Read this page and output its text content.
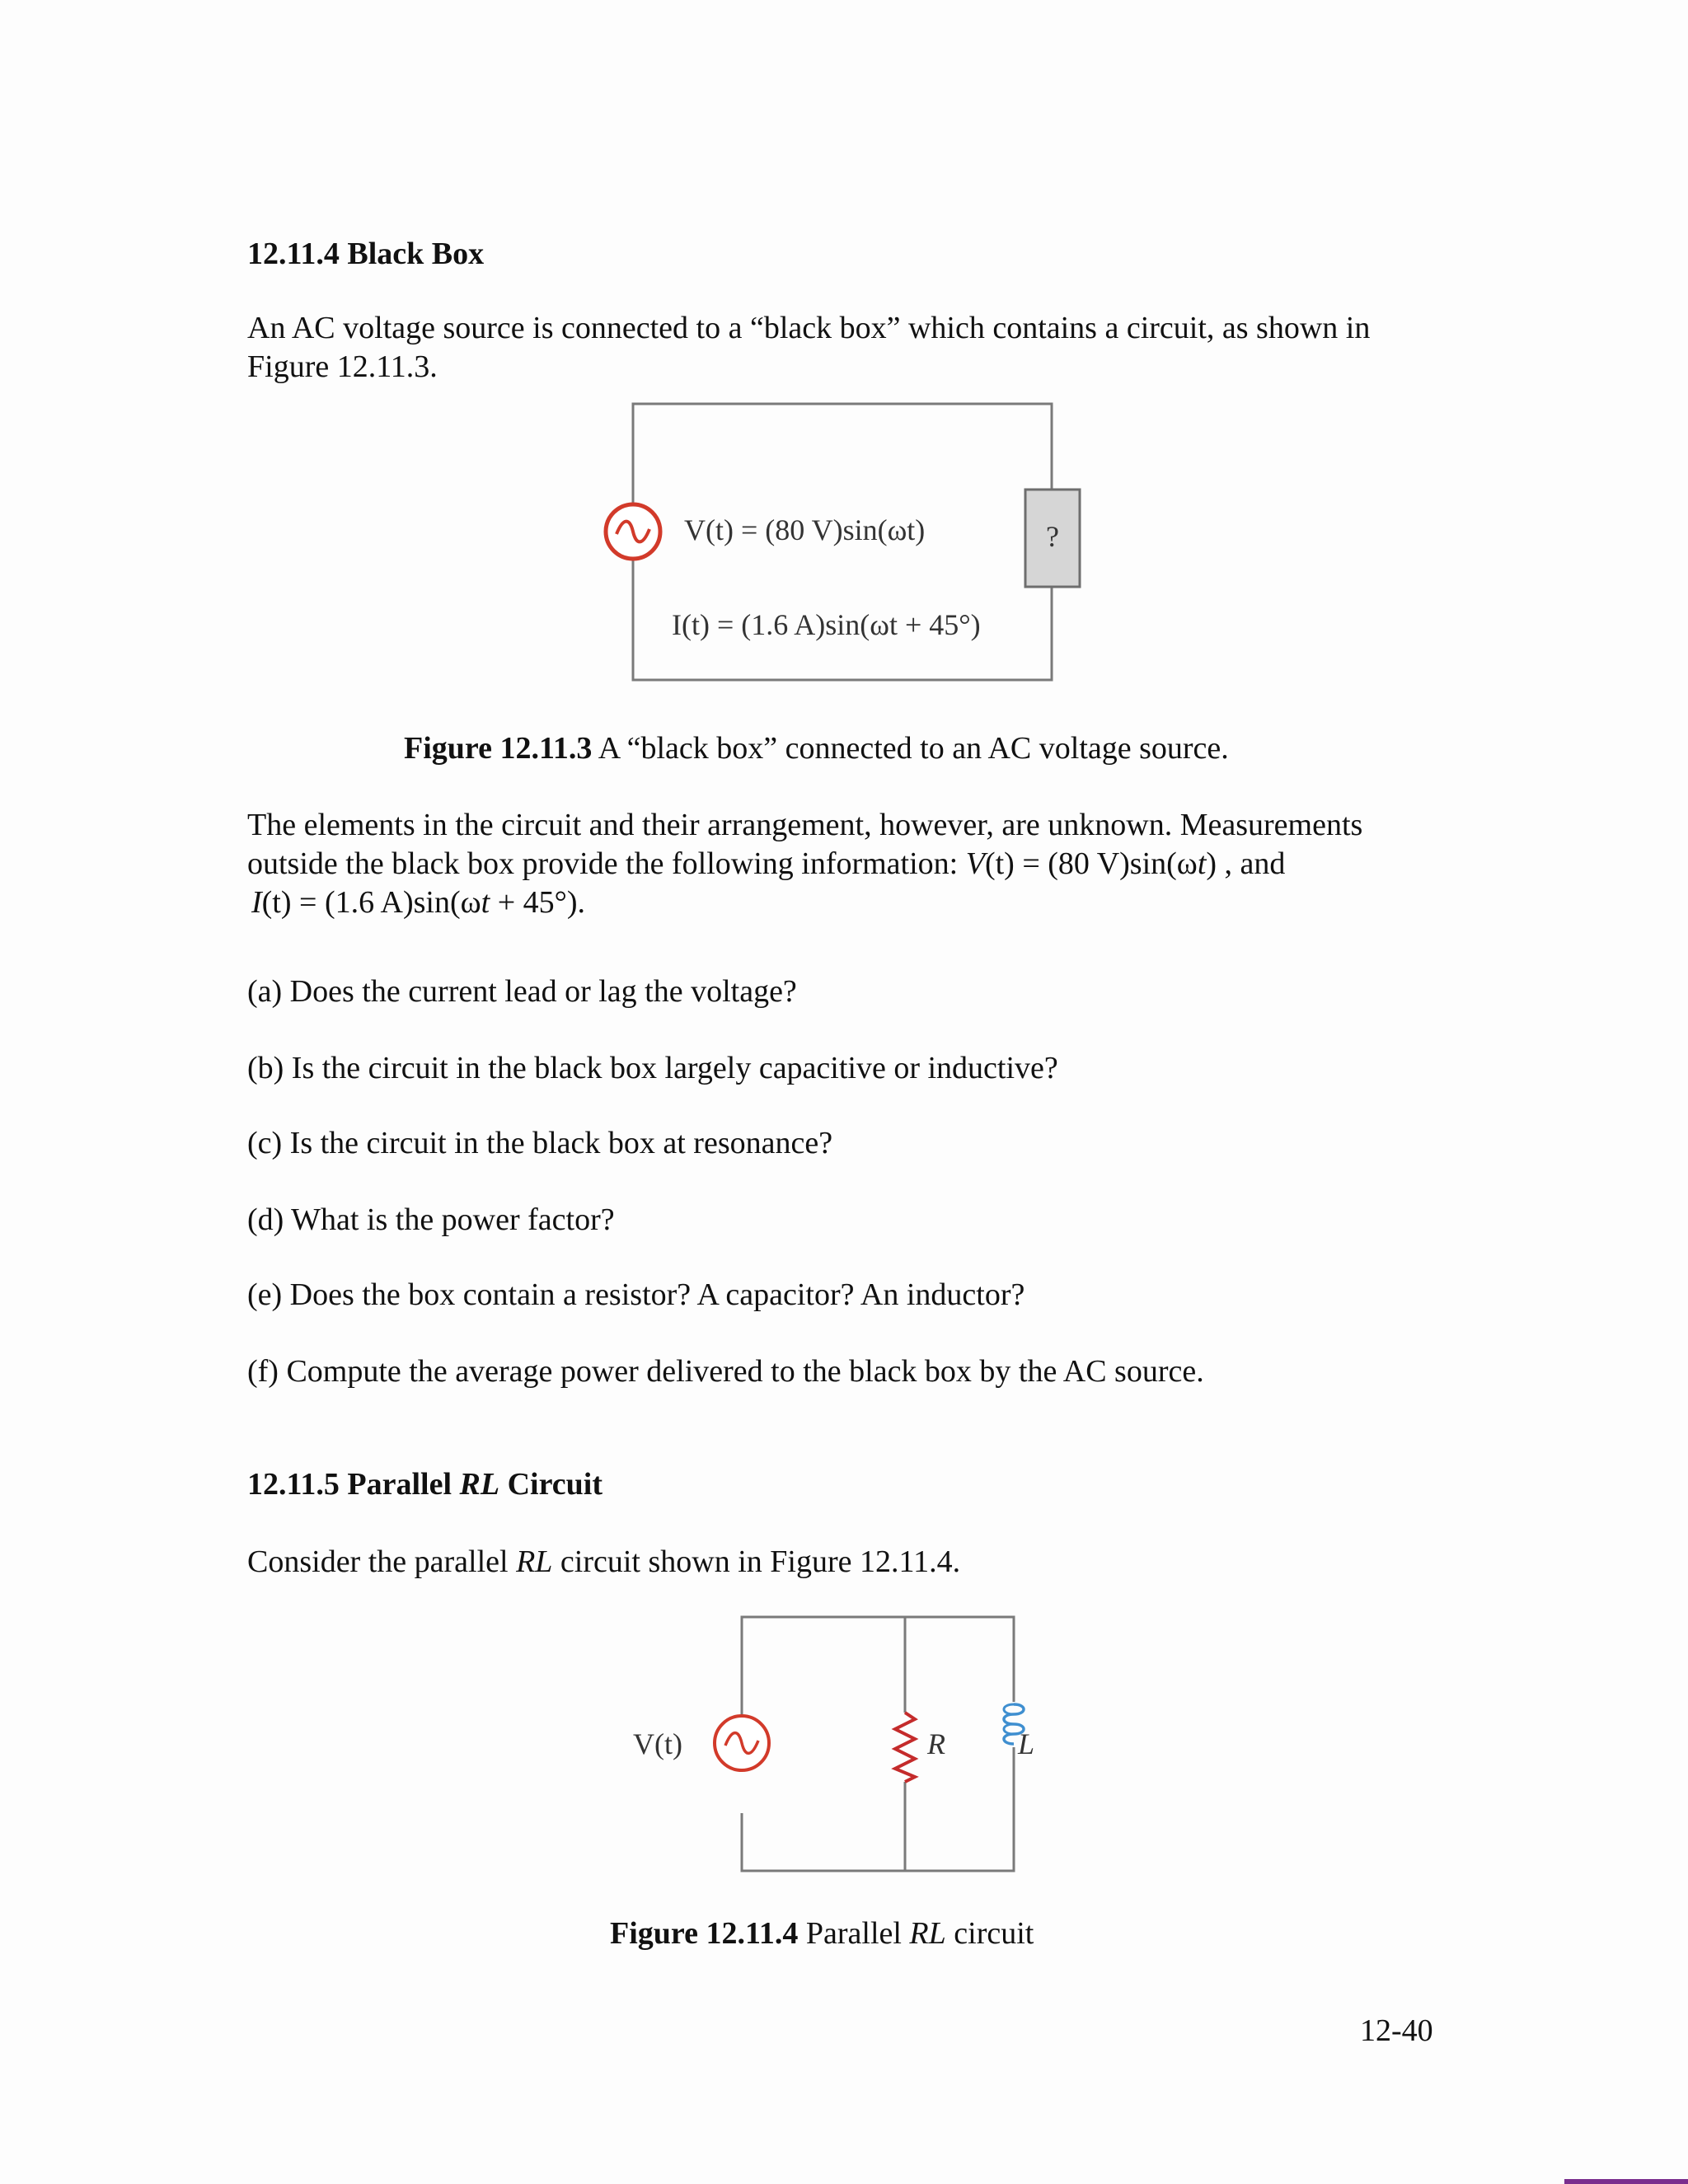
12.11.4 Black Box
An AC voltage source is connected to a “black box” which contains a circuit, as shown in
Figure 12.11.3.
?
V(t) = (80 V)sin(ωt)
I(t) = (1.6 A)sin(ωt + 45°)
Figure 12.11.3 A “black box” connected to an AC voltage source.
The elements in the circuit and their arrangement, however, are unknown. Measurements
outside the black box provide the following information: V(t) = (80 V)sin(ωt) , and
I(t) = (1.6 A)sin(ωt + 45°).
(a) Does the current lead or lag the voltage?
(b) Is the circuit in the black box largely capacitive or inductive?
(c) Is the circuit in the black box at resonance?
(d) What is the power factor?
(e) Does the box contain a resistor? A capacitor? An inductor?
(f) Compute the average power delivered to the black box by the AC source.
12.11.5 Parallel RL Circuit
Consider the parallel RL circuit shown in Figure 12.11.4.
V(t)	R L
Figure 12.11.4 Parallel RL circuit
12-40
